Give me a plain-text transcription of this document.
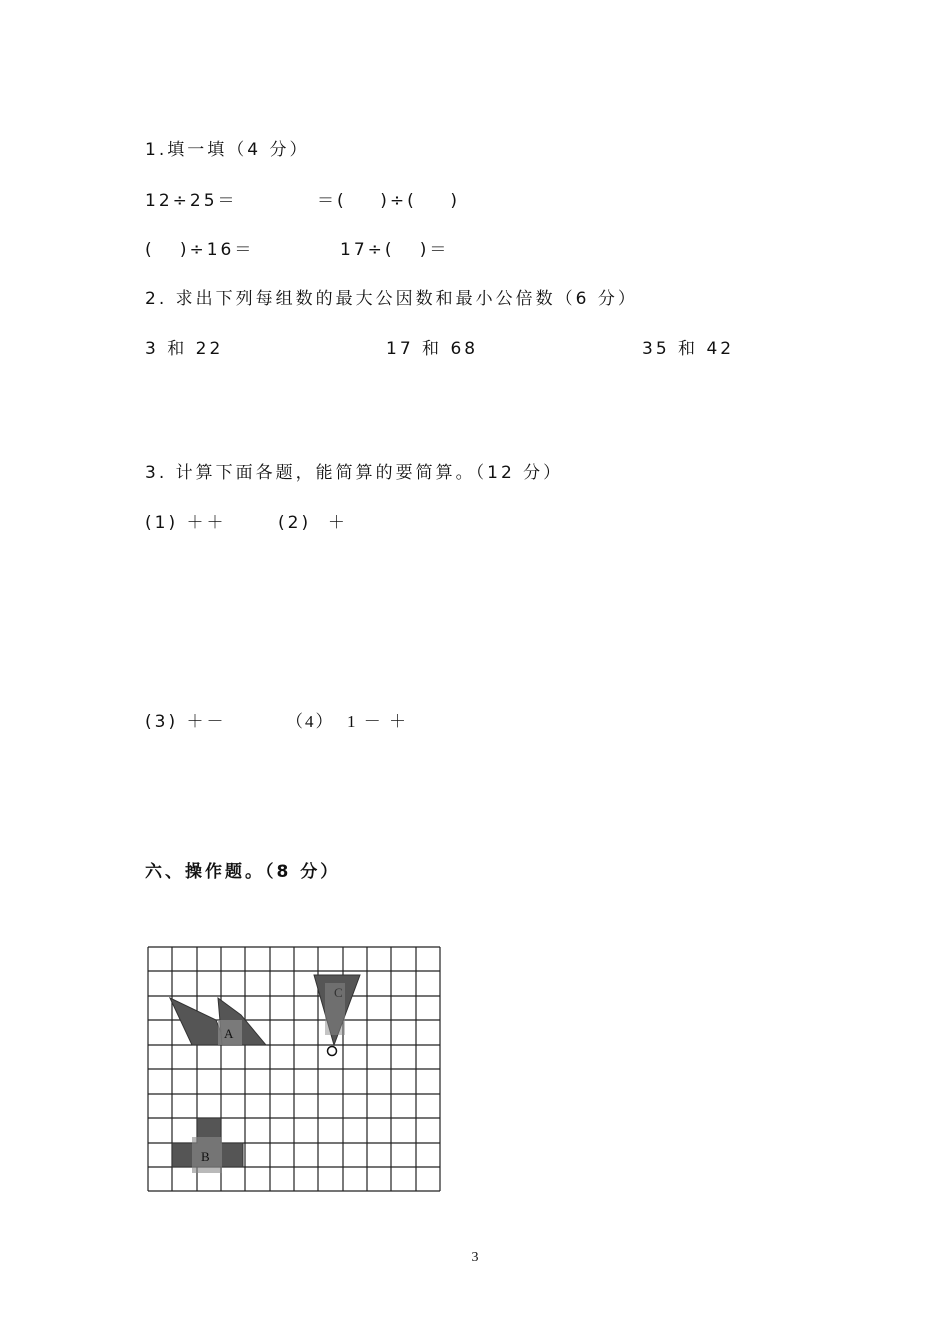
1.填一填（4 分）

12÷25＝

	＝(    )÷(    )

(   )÷16＝

	17÷(   )＝

2. 求出下列每组数的最大公因数和最小公倍数（6 分）

3 和 22

	17 和 68

	35 和 42

3. 计算下面各题，能简算的要简算。（12 分）

(1) ＋＋

	(2)  ＋

(3) ＋－

	（4）  1 － ＋

六、操作题。（8 分）
A
C
B
3
